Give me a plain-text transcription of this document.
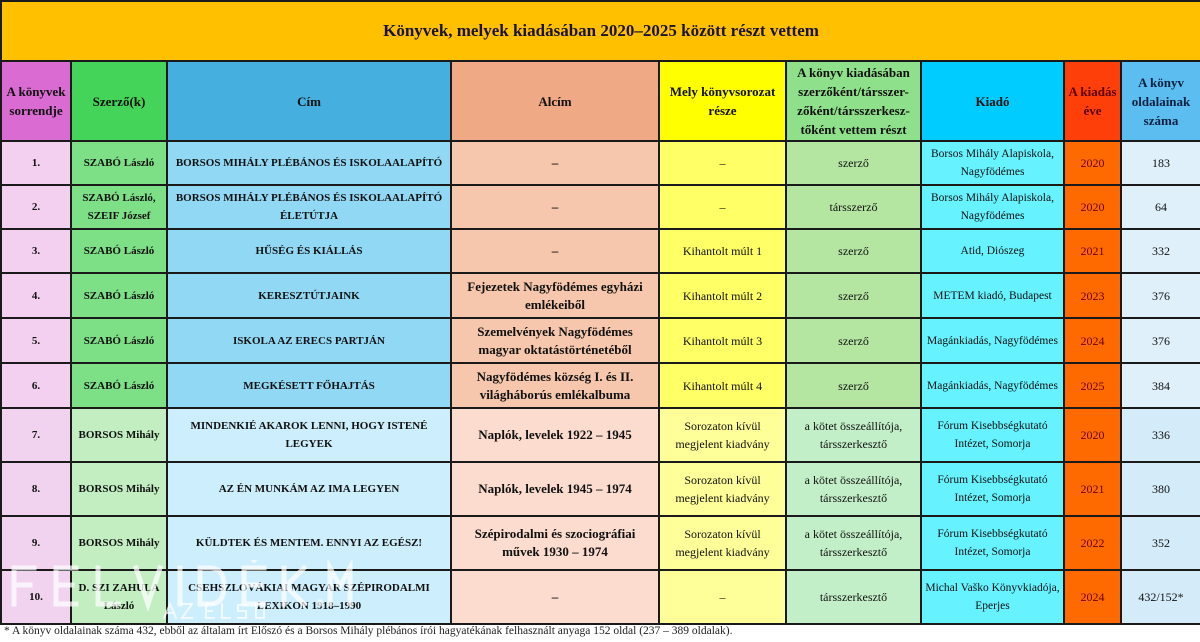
Könyvek, melyek kiadásában 2020–2025 között részt vettem								
A könyvek sorrendje	Szerző(k)	Cím	Alcím	Mely könyvsorozat része	A könyv kiadásában szerzőként/társszer-zőként/társszerkesz-tőként vettem részt	Kiadó	A kiadás éve	A könyv oldalainak száma
1.	SZABÓ László	BORSOS MIHÁLY PLÉBÁNOS ÉS ISKOLAALAPÍTÓ	–	–	szerző	Borsos Mihály Alapiskola, Nagyfödémes	2020	183
2.	SZABÓ László, SZEIF József	BORSOS MIHÁLY PLÉBÁNOS ÉS ISKOLAALAPÍTÓ ÉLETÚTJA	–	–	társszerző	Borsos Mihály Alapiskola, Nagyfödémes	2020	64
3.	SZABÓ László	HŰSÉG ÉS KIÁLLÁS	–	Kihantolt múlt 1	szerző	Atid, Diószeg	2021	332
4.	SZABÓ László	KERESZTÚTJAINK	Fejezetek Nagyfödémes egyházi emlékeiből	Kihantolt múlt 2	szerző	METEM kiadó, Budapest	2023	376
5.	SZABÓ László	ISKOLA AZ ERECS PARTJÁN	Szemelvények Nagyfödémes magyar oktatástörténetéből	Kihantolt múlt 3	szerző	Magánkiadás, Nagyfödémes	2024	376
6.	SZABÓ László	MEGKÉSETT FŐHAJTÁS	Nagyfödémes község I. és II. világháborús emlékalbuma	Kihantolt múlt 4	szerző	Magánkiadás, Nagyfödémes	2025	384
7.	BORSOS Mihály	MINDENKIÉ AKAROK LENNI, HOGY ISTENÉ LEGYEK	Naplók, levelek 1922 – 1945	Sorozaton kívül megjelent kiadvány	a kötet összeállítója, társszerkesztő	Fórum Kisebbségkutató Intézet, Somorja	2020	336
8.	BORSOS Mihály	AZ ÉN MUNKÁM AZ IMA LEGYEN	Naplók, levelek 1945 – 1974	Sorozaton kívül megjelent kiadvány	a kötet összeállítója, társszerkesztő	Fórum Kisebbségkutató Intézet, Somorja	2021	380
9.	BORSOS Mihály	KÜLDTEK ÉS MENTEM. ENNYI AZ EGÉSZ!	Szépirodalmi és szociográfiai művek 1930 – 1974	Sorozaton kívül megjelent kiadvány	a kötet összeállítója, társszerkesztő	Fórum Kisebbségkutató Intézet, Somorja	2022	352
10.	D. SZI ZAHULA László	CSEHSZLOVÁKIAI MAGYAR SZÉPIRODALMI LEXIKON 1918–1990	–	–	társszerkesztő	Michal Vaško Könyvkiadója, Eperjes	2024	432/152*
* A könyv oldalainak száma 432, ebből az általam írt Előszó és a Borsos Mihály plébános írói hagyatékának felhasznált anyaga 152 oldal (237 – 389 oldalak).
